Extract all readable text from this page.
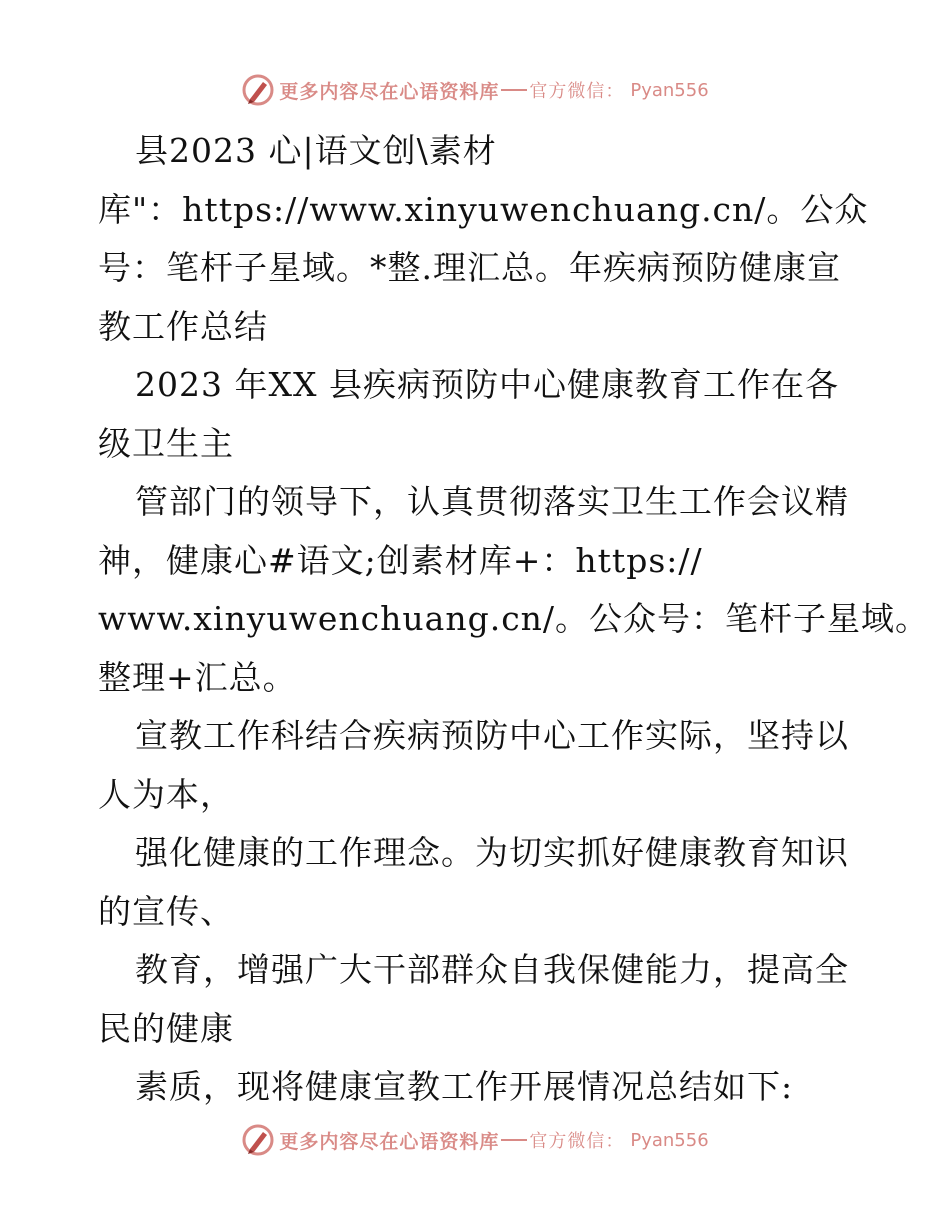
更多内容尽在心语资料库 官方微信： Pyan556
县2023 心|语文创\素材
库"：https://www.xinyuwenchuang.cn/。公众
号：笔杆子星域。*整.理汇总。年疾病预防健康宣
教工作总结
2023 年XX 县疾病预防中心健康教育工作在各
级卫生主
管部门的领导下，认真贯彻落实卫生工作会议精
神，健康心#语文;创素材库+：https://
www.xinyuwenchuang.cn/。公众号：笔杆子星域。
整理+汇总。
宣教工作科结合疾病预防中心工作实际，坚持以
人为本，
强化健康的工作理念。为切实抓好健康教育知识
的宣传、
教育，增强广大干部群众自我保健能力，提高全
民的健康
素质，现将健康宣教工作开展情况总结如下:
更多内容尽在心语资料库 官方微信： Pyan556
